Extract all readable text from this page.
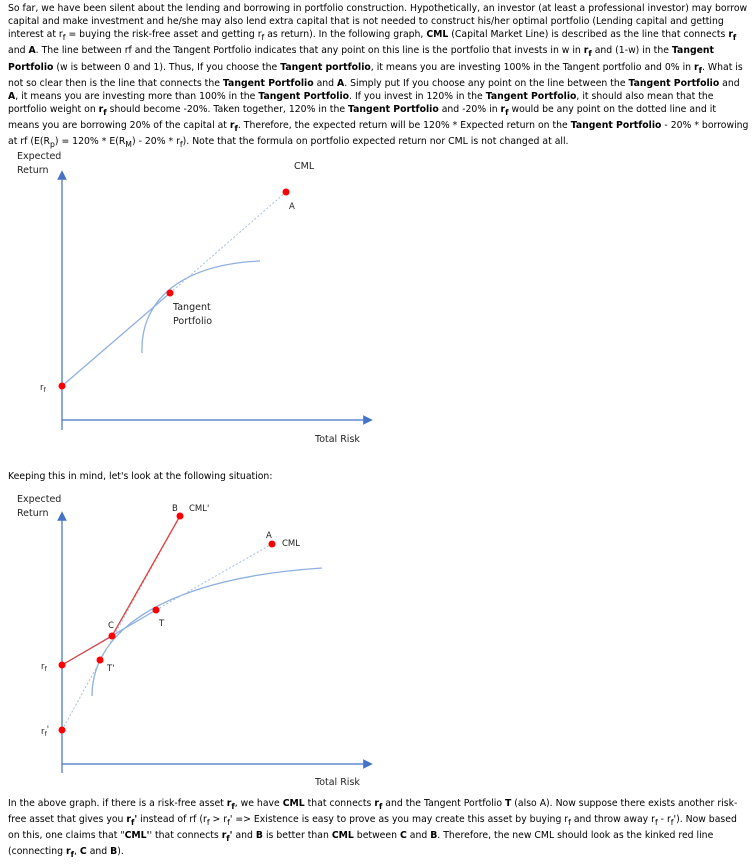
So far, we have been silent about the lending and borrowing in portfolio construction. Hypothetically, an investor (at least a professional investor) may borrow capital and make investment and he/she may also lend extra capital that is not needed to construct his/her optimal portfolio (Lending capital and getting interest at $r_f$ = buying the risk-free asset and getting $r_f$ as return). In the following graph, CML (Capital Market Line) is described as the line that connects $r_f$ and A. The line between rf and the Tangent Portfolio indicates that any point on this line is the portfolio that invests in w in $r_f$ and (1-w) in the Tangent Portfolio (w is between 0 and 1). Thus, If you choose the Tangent portfolio, it means you are investing 100% in the Tangent portfolio and 0% in $r_f$. What is not so clear then is the line that connects the Tangent Portfolio and A. Simply put If you choose any point on the line between the Tangent Portfolio and A, it means you are investing more than 100% in the Tangent Portfolio. If you invest in 120% in the Tangent Portfolio, it should also mean that the portfolio weight on $r_f$ should become -20%. Taken together, 120% in the Tangent Portfolio and -20% in $r_f$ would be any point on the dotted line and it means you are borrowing 20% of the capital at $r_f$. Therefore, the expected return will be 120% * Expected return on the Tangent Portfolio - 20% * borrowing at rf $(E(R_p) = 120\% * E(R_M) - 20\% * r_f)$. Note that the formula on portfolio expected return nor CML is not changed at all.

Expected
Return
Total Risk
CML
A
Tangent
Portfolio
$r_f$

Keeping this in mind, let's look at the following situation:

Expected
Return
Total Risk
B CML'
A
CML
C	T
T'
$r_f$
$r_f'$

In the above graph. if there is a risk-free asset $r_f$, we have CML that connects $r_f$ and the Tangent Portfolio T (also A). Now suppose there exists another risk-free asset that gives you $r_f'$ instead of rf ($r_f > r_f'$ => Existence is easy to prove as you may create this asset by buying $r_f$ and throw away $r_f - r_f'$). Now based on this, one claims that "CML'' that connects $r_f'$ and B is better than CML between C and B. Therefore, the new CML should look as the kinked red line (connecting $r_f$, C and B).
